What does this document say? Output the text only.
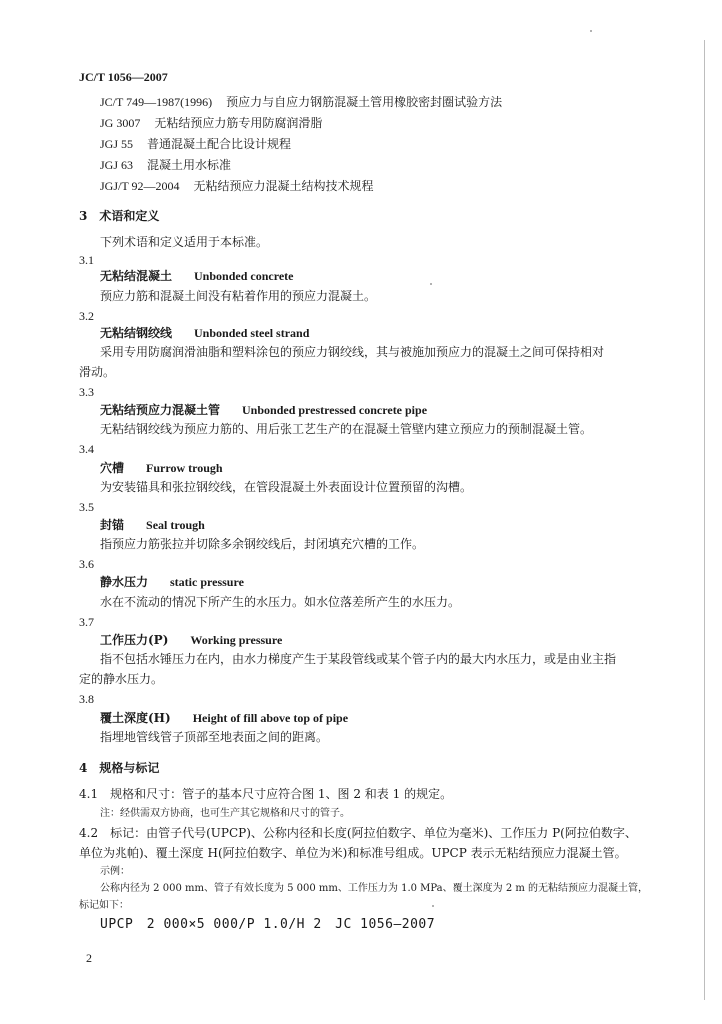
JC/T 1056—2007
JC/T 749—1987(1996) 预应力与自应力钢筋混凝土管用橡胶密封圈试验方法
JG 3007 无粘结预应力筋专用防腐润滑脂
JGJ 55 普通混凝土配合比设计规程
JGJ 63 混凝土用水标准
JGJ/T 92—2004 无粘结预应力混凝土结构技术规程
3　术语和定义
下列术语和定义适用于本标准。
3.1
无粘结混凝土 Unbonded concrete
预应力筋和混凝土间没有粘着作用的预应力混凝土。
3.2
无粘结钢绞线 Unbonded steel strand
采用专用防腐润滑油脂和塑料涂包的预应力钢绞线，其与被施加预应力的混凝土之间可保持相对
滑动。
3.3
无粘结预应力混凝土管 Unbonded prestressed concrete pipe
无粘结钢绞线为预应力筋的、用后张工艺生产的在混凝土管壁内建立预应力的预制混凝土管。
3.4
穴槽 Furrow trough
为安装锚具和张拉钢绞线，在管段混凝土外表面设计位置预留的沟槽。
3.5
封锚 Seal trough
指预应力筋张拉并切除多余钢绞线后，封闭填充穴槽的工作。
3.6
静水压力 static pressure
水在不流动的情况下所产生的水压力。如水位落差所产生的水压力。
3.7
工作压力(P) Working pressure
指不包括水锤压力在内，由水力梯度产生于某段管线或某个管子内的最大内水压力，或是由业主指
定的静水压力。
3.8
覆土深度(H) Height of fill above top of pipe
指埋地管线管子顶部至地表面之间的距离。
4　规格与标记
4.1　规格和尺寸：管子的基本尺寸应符合图 1、图 2 和表 1 的规定。
注：经供需双方协商，也可生产其它规格和尺寸的管子。
4.2　标记：由管子代号(UPCP)、公称内径和长度(阿拉伯数字、单位为毫米)、工作压力 P(阿拉伯数字、
单位为兆帕)、覆土深度 H(阿拉伯数字、单位为米)和标准号组成。UPCP 表示无粘结预应力混凝土管。
示例：
公称内径为 2 000 mm、管子有效长度为 5 000 mm、工作压力为 1.0 MPa、覆土深度为 2 m 的无粘结预应力混凝土管，
标记如下：
UPCP　2 000×5 000/P 1.0/H 2　JC 1056—2007
2
